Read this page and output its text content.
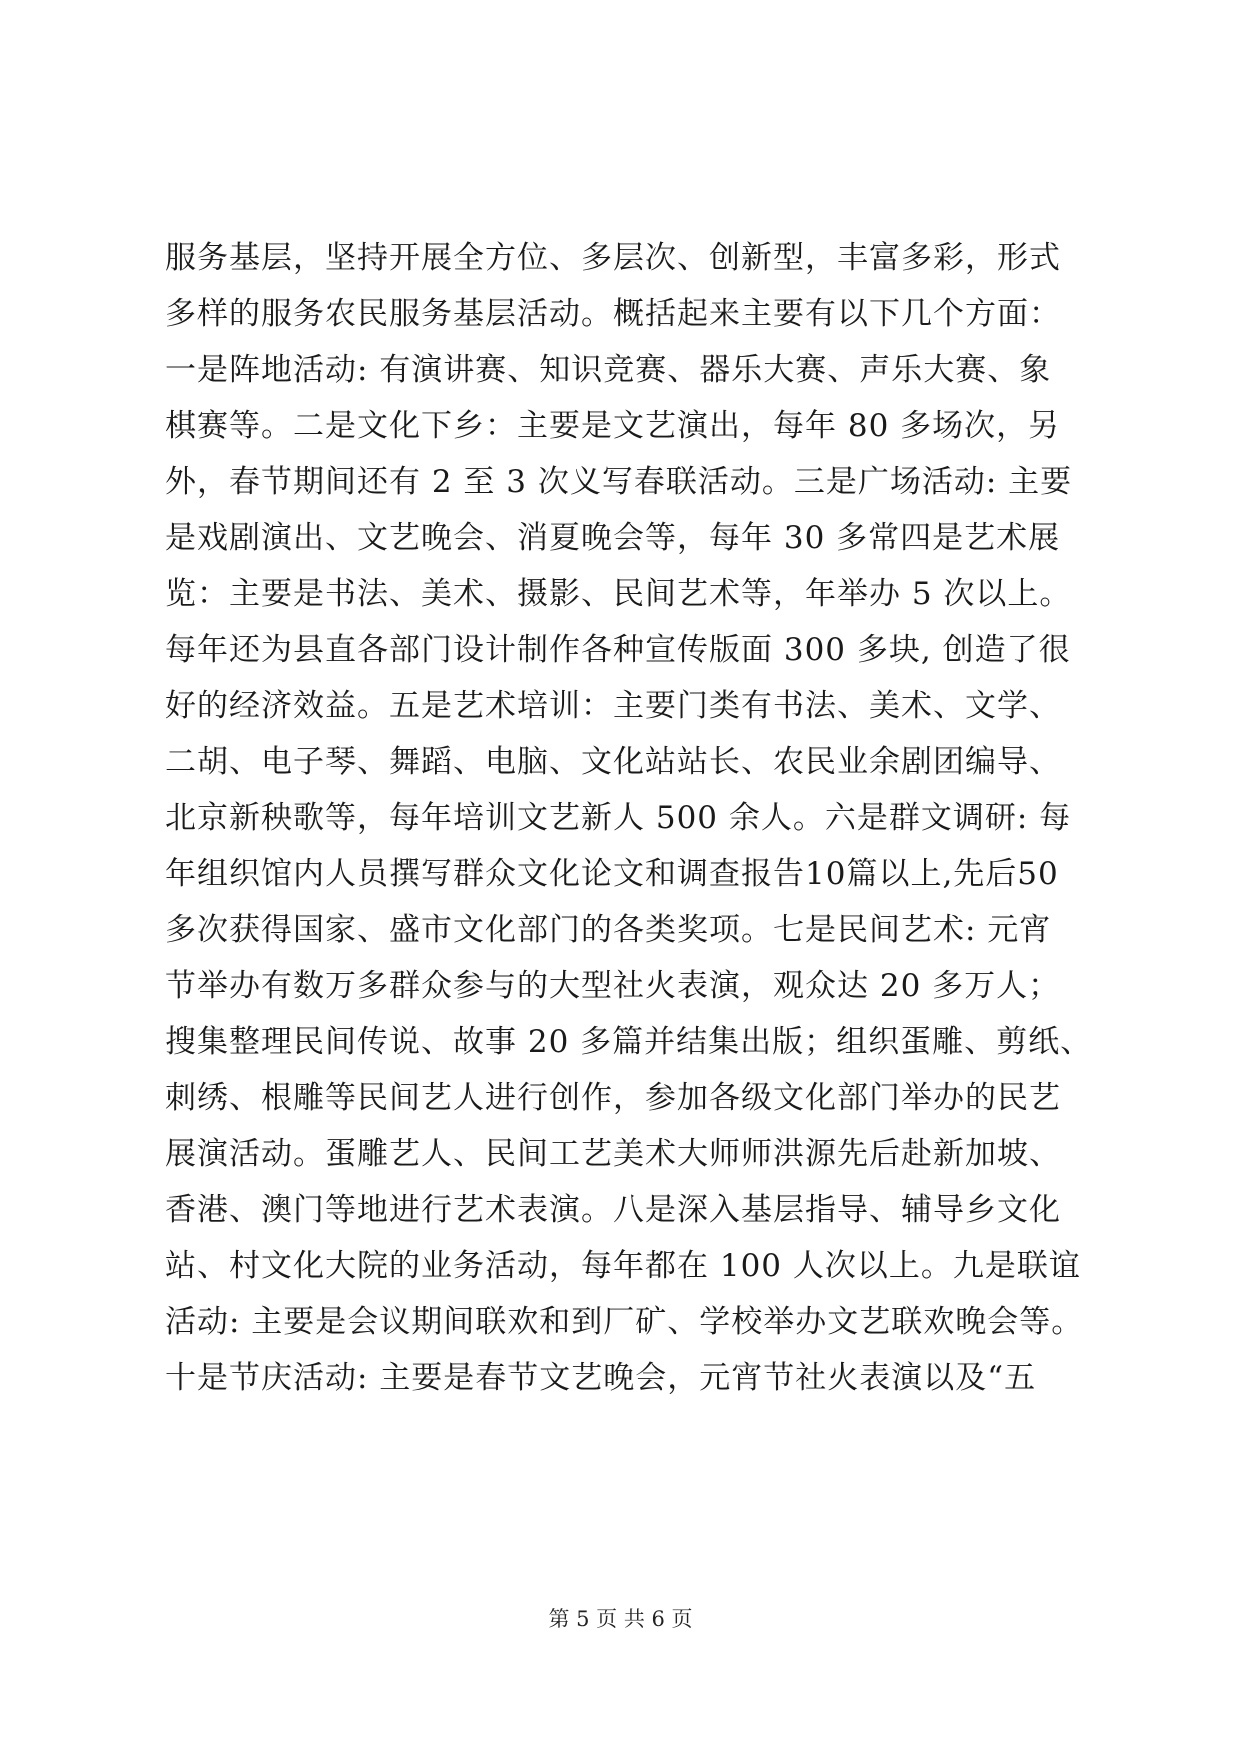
服务基层，坚持开展全方位、多层次、创新型，丰富多彩，形式
多样的服务农民服务基层活动。概括起来主要有以下几个方面：
一是阵地活动: 有演讲赛、知识竞赛、器乐大赛、声乐大赛、象
棋赛等。二是文化下乡：主要是文艺演出，每年 80 多场次，另
外，春节期间还有 2 至 3 次义写春联活动。三是广场活动: 主要
是戏剧演出、文艺晚会、消夏晚会等，每年 30 多常四是艺术展
览：主要是书法、美术、摄影、民间艺术等，年举办 5 次以上。
每年还为县直各部门设计制作各种宣传版面 300 多块, 创造了很
好的经济效益。五是艺术培训：主要门类有书法、美术、文学、
二胡、电子琴、舞蹈、电脑、文化站站长、农民业余剧团编导、
北京新秧歌等，每年培训文艺新人 500 余人。六是群文调研: 每
年组织馆内人员撰写群众文化论文和调查报告10篇以上,先后50
多次获得国家、盛市文化部门的各类奖项。七是民间艺术: 元宵
节举办有数万多群众参与的大型社火表演，观众达 20 多万人；
搜集整理民间传说、故事 20 多篇并结集出版；组织蛋雕、剪纸、
刺绣、根雕等民间艺人进行创作，参加各级文化部门举办的民艺
展演活动。蛋雕艺人、民间工艺美术大师师洪源先后赴新加坡、
香港、澳门等地进行艺术表演。八是深入基层指导、辅导乡文化
站、村文化大院的业务活动，每年都在 100 人次以上。九是联谊
活动: 主要是会议期间联欢和到厂矿、学校举办文艺联欢晚会等。
十是节庆活动: 主要是春节文艺晚会，元宵节社火表演以及“五
第 5 页 共 6 页
